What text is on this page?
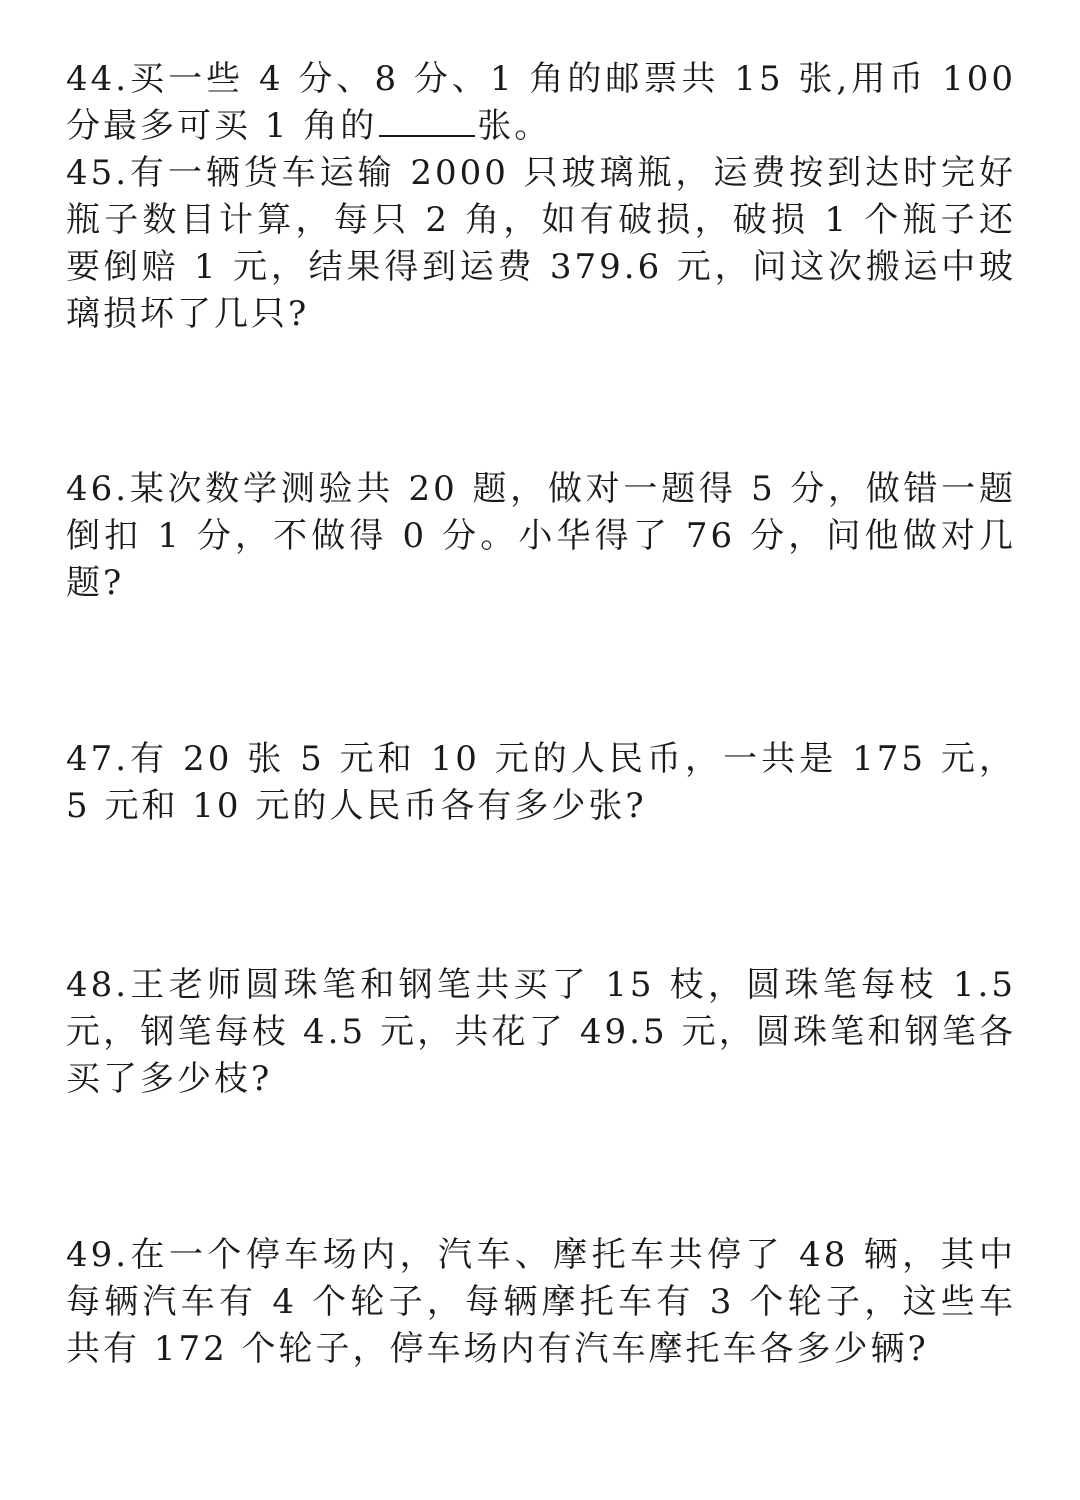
44.买一些 4 分、8 分、1 角的邮票共 15 张,用币 100 分最多可买 1 角的	张。
45.有一辆货车运输 2000 只玻璃瓶，运费按到达时完好瓶子数目计算，每只 2 角，如有破损，破损 1 个瓶子还要倒赔 1 元，结果得到运费 379.6 元，问这次搬运中玻璃损坏了几只?
46.某次数学测验共 20 题，做对一题得 5 分，做错一题倒扣 1 分，不做得 0 分。小华得了 76 分，问他做对几题?
47.有 20 张 5 元和 10 元的人民币，一共是 175 元，5 元和 10 元的人民币各有多少张?
48.王老师圆珠笔和钢笔共买了 15 枝，圆珠笔每枝 1.5 元，钢笔每枝 4.5 元，共花了 49.5 元，圆珠笔和钢笔各买了多少枝?
49.在一个停车场内，汽车、摩托车共停了 48 辆，其中每辆汽车有 4 个轮子，每辆摩托车有 3 个轮子，这些车共有 172 个轮子，停车场内有汽车摩托车各多少辆?
